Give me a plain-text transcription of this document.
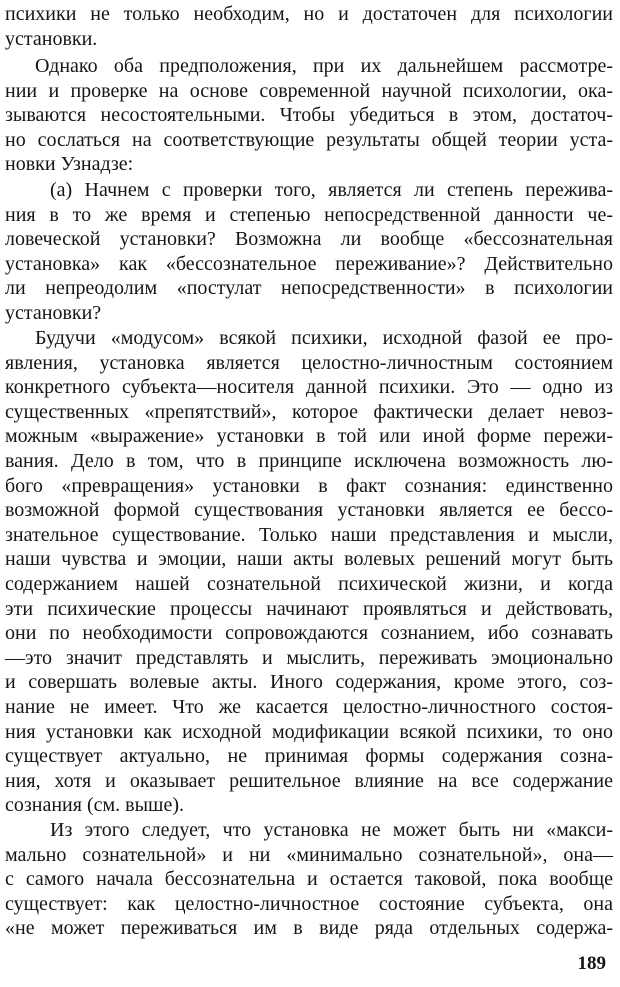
психики не только необходим, но и достаточен для психологии
установки.
Однако оба предположения, при их дальнейшем рассмотре-
нии и проверке на основе современной научной психологии, ока-
зываются несостоятельными. Чтобы убедиться в этом, достаточ-
но сослаться на соответствующие результаты общей теории уста-
новки Узнадзе:
(а) Начнем с проверки того, является ли степень пережива-
ния в то же время и степенью непосредственной данности че-
ловеческой установки? Возможна ли вообще «бессознательная
установка» как «бессознательное переживание»? Действительно
ли непреодолим «постулат непосредственности» в психологии
установки?
Будучи «модусом» всякой психики, исходной фазой ее про-
явления, установка является целостно-личностным состоянием
конкретного субъекта—носителя данной психики. Это — одно из
существенных «препятствий», которое фактически делает невоз-
можным «выражение» установки в той или иной форме пережи-
вания. Дело в том, что в принципе исключена возможность лю-
бого «превращения» установки в факт сознания: единственно
возможной формой существования установки является ее бессо-
знательное существование. Только наши представления и мысли,
наши чувства и эмоции, наши акты волевых решений могут быть
содержанием нашей сознательной психической жизни, и когда
эти психические процессы начинают проявляться и действовать,
они по необходимости сопровождаются сознанием, ибо сознавать
—это значит представлять и мыслить, переживать эмоционально
и совершать волевые акты. Иного содержания, кроме этого, соз-
нание не имеет. Что же касается целостно-личностного состоя-
ния установки как исходной модификации всякой психики, то оно
существует актуально, не принимая формы содержания созна-
ния, хотя и оказывает решительное влияние на все содержание
сознания (см. выше).
Из этого следует, что установка не может быть ни «макси-
мально сознательной» и ни «минимально сознательной», она—
с самого начала бессознательна и остается таковой, пока вообще
существует: как целостно-личностное состояние субъекта, она
«не может переживаться им в виде ряда отдельных содержа-
189
